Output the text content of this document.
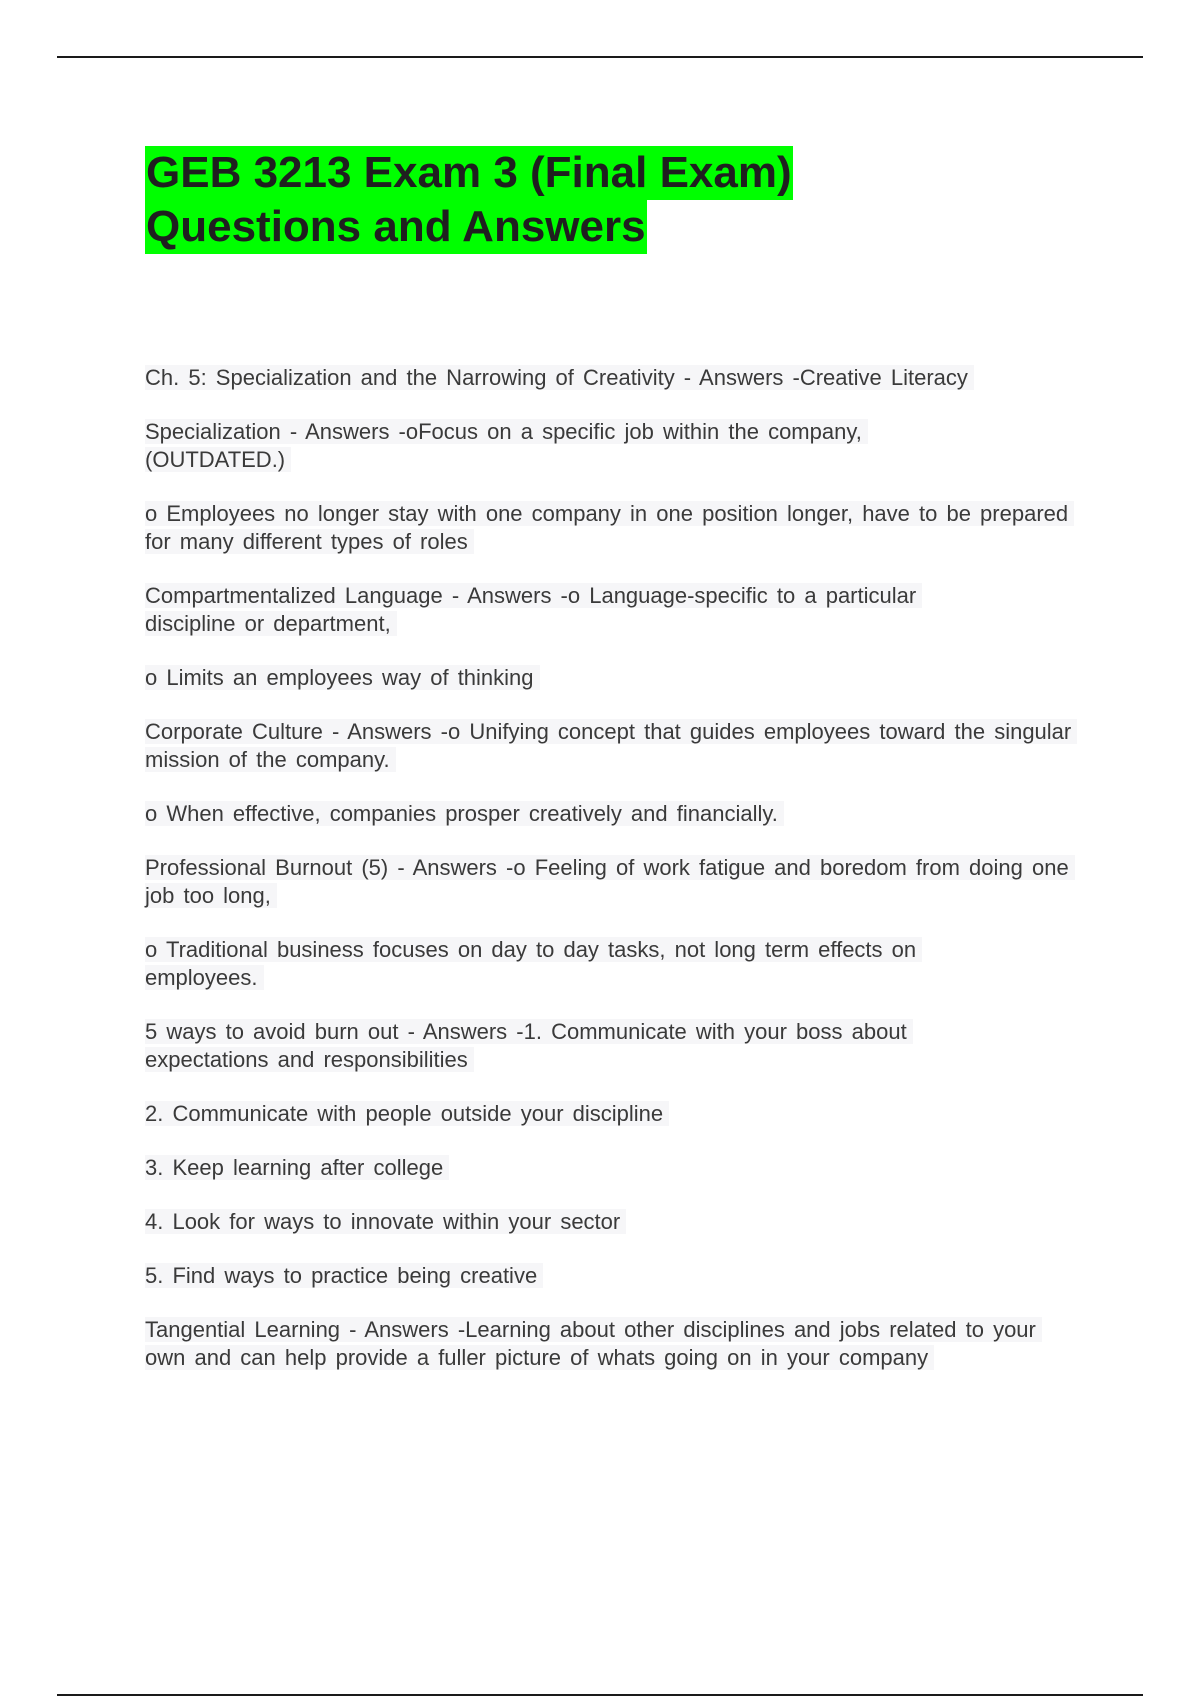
GEB 3213 Exam 3 (Final Exam)
Questions and Answers

Ch. 5: Specialization and the Narrowing of Creativity - Answers -Creative Literacy

Specialization - Answers -oFocus on a specific job within the company, (OUTDATED.)

o Employees no longer stay with one company in one position longer, have to be prepared for many different types of roles

Compartmentalized Language - Answers -o Language-specific to a particular discipline or department,

o Limits an employees way of thinking

Corporate Culture - Answers -o Unifying concept that guides employees toward the singular mission of the company.

o When effective, companies prosper creatively and financially.

Professional Burnout (5) - Answers -o Feeling of work fatigue and boredom from doing one job too long,

o Traditional business focuses on day to day tasks, not long term effects on employees.

5 ways to avoid burn out - Answers -1. Communicate with your boss about expectations and responsibilities

2. Communicate with people outside your discipline

3. Keep learning after college

4. Look for ways to innovate within your sector

5. Find ways to practice being creative

Tangential Learning - Answers -Learning about other disciplines and jobs related to your own and can help provide a fuller picture of whats going on in your company
